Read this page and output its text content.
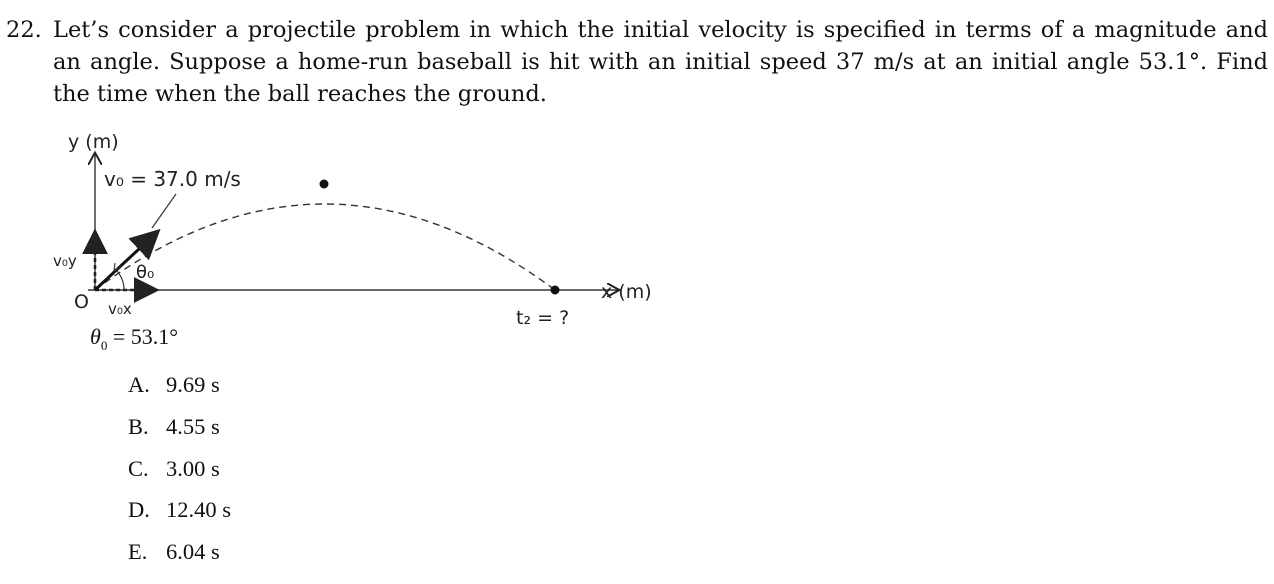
22. Let’s consider a projectile problem in which the initial velocity is specified in terms of a magnitude and an angle. Suppose a home-run baseball is hit with an initial speed 37 m/s at an initial angle 53.1°. Find the time when the ball reaches the ground.
y (m)
x (m)
v₀ = 37.0 m/s
v₀y
v₀x
θ₀
O
t₂ = ?
$\theta_0 = 53.1^\circ$
A. 9.69 s
B. 4.55 s
C. 3.00 s
D. 12.40 s
E. 6.04 s
